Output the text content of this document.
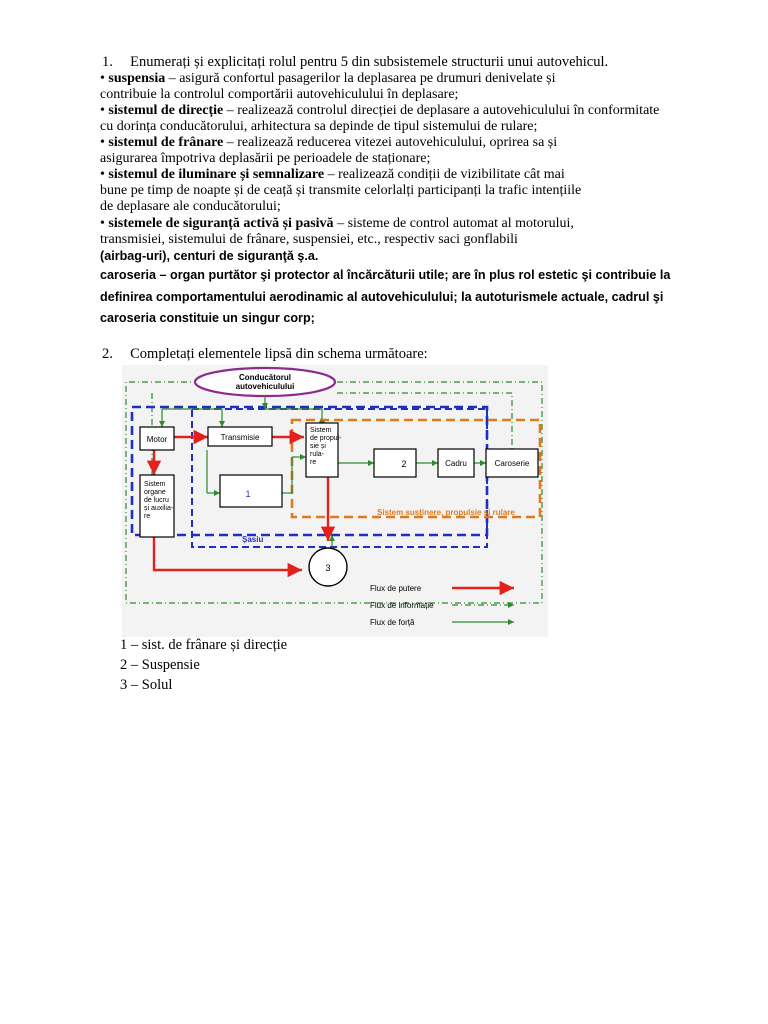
1. Enumerați și explicitați rolul pentru 5 din subsistemele structurii unui autovehicul.
• suspensia – asigură confortul pasagerilor la deplasarea pe drumuri denivelate și
contribuie la controlul comportării autovehiculului în deplasare;
• sistemul de direcție – realizează controlul direcției de deplasare a autovehiculului în conformitate
cu dorința conducătorului, arhitectura sa depinde de tipul sistemului de rulare;
• sistemul de frânare – realizează reducerea vitezei autovehiculului, oprirea sa și
asigurarea împotriva deplasării pe perioadele de staționare;
• sistemul de iluminare și semnalizare – realizează condiții de vizibilitate cât mai
bune pe timp de noapte și de ceață și transmite celorlalți participanți la trafic intențiile
de deplasare ale conducătorului;
• sistemele de siguranță activă și pasivă – sisteme de control automat al motorului,
transmisiei, sistemului de frânare, suspensiei, etc., respectiv saci gonflabili
(airbag-uri), centuri de siguranţă ş.a.
caroseria – organ purtător şi protector al încărcăturii utile; are în plus rol estetic şi contribuie la
definirea comportamentului aerodinamic al autovehiculului; la autoturismele actuale, cadrul şi
caroseria constituie un singur corp;
2. Completați elementele lipsă din schema următoare:
Șasiu
Sistem susținere, propulsie și rulare
Conducătorul
autovehiculului
Motor	Transmisie
Sistem
de propul-
sie și
rula-
re
1
2	Cadru	Caroserie
Sistem
organe
de lucru
și auxilia-
re
3
Flux de putere
Flux de informație
Flux de forță
1 – sist. de frânare și direcție
2 – Suspensie
3 – Solul
